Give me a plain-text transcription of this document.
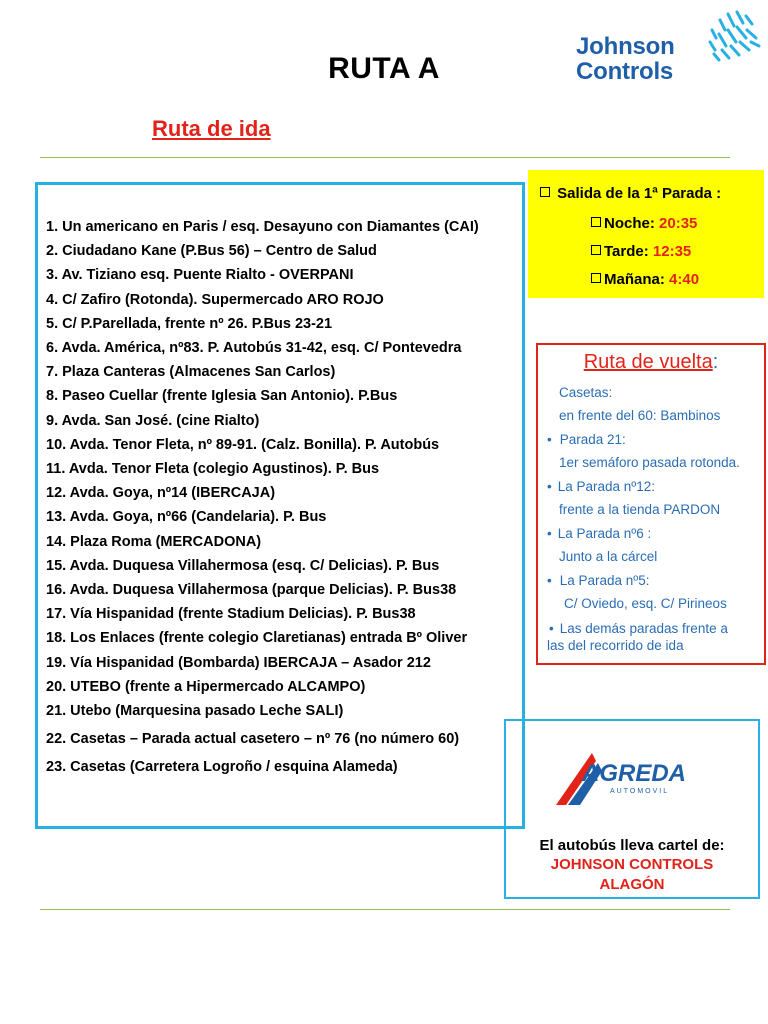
RUTA A
Johnson
Controls
Ruta de ida
1. Un americano en Paris / esq. Desayuno con Diamantes (CAI)
2. Ciudadano Kane (P.Bus 56) – Centro de Salud
3. Av. Tiziano esq. Puente Rialto - OVERPANI
4. C/ Zafiro (Rotonda). Supermercado ARO ROJO
5. C/ P.Parellada, frente nº 26. P.Bus 23-21
6. Avda. América, nº83. P. Autobús 31-42, esq. C/ Pontevedra
7. Plaza Canteras (Almacenes San Carlos)
8. Paseo Cuellar (frente Iglesia San Antonio). P.Bus
9. Avda. San José. (cine Rialto)
10. Avda. Tenor Fleta, nº 89-91. (Calz. Bonilla). P. Autobús
11. Avda. Tenor Fleta (colegio Agustinos). P. Bus
12. Avda. Goya, nº14 (IBERCAJA)
13. Avda. Goya, nº66 (Candelaria). P. Bus
14. Plaza Roma (MERCADONA)
15. Avda. Duquesa Villahermosa (esq. C/ Delicias). P. Bus
16. Avda. Duquesa Villahermosa (parque Delicias). P. Bus38
17. Vía Hispanidad (frente Stadium Delicias). P. Bus38
18. Los Enlaces (frente colegio Claretianas) entrada Bº Oliver
19. Vía Hispanidad (Bombarda) IBERCAJA – Asador 212
20. UTEBO (frente a Hipermercado ALCAMPO)
21. Utebo (Marquesina pasado Leche SALI)
22. Casetas – Parada actual casetero – nº 76 (no número 60)
23. Casetas (Carretera Logroño / esquina Alameda)
Salida de la 1ª Parada :
Noche: 20:35
Tarde: 12:35
Mañana: 4:40
Ruta de vuelta:
Casetas:
en frente del 60: Bambinos
• Parada 21:
1er semáforo pasada rotonda.
• La Parada nº12:
frente a la tienda PARDON
• La Parada nº6 :
Junto a la cárcel
• La Parada nº5:
C/ Oviedo, esq. C/ Pirineos
• Las demás paradas frente a
las del recorrido de ida
AGREDA
AUTOMOVIL
El autobús lleva cartel de:
JOHNSON CONTROLS
ALAGÓN
